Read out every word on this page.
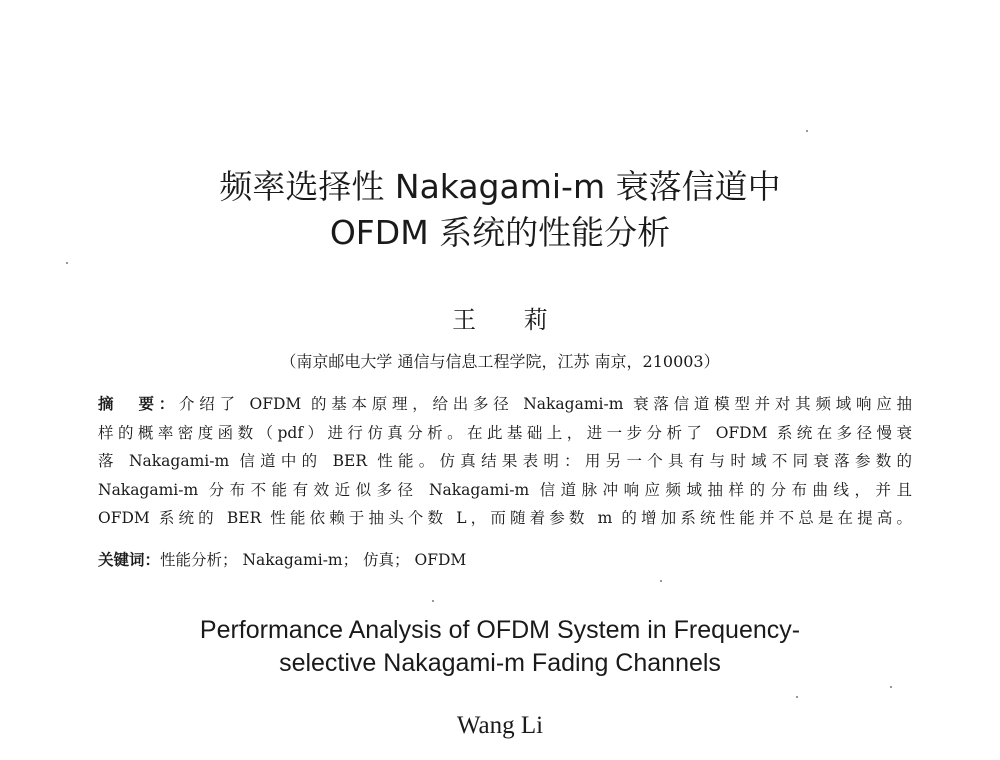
频率选择性 Nakagami-m 衰落信道中
OFDM 系统的性能分析
王 莉
（南京邮电大学 通信与信息工程学院，江苏 南京，210003）
摘　要：介绍了 OFDM 的基本原理，给出多径 Nakagami-m 衰落信道模型并对其频域响应抽
样的概率密度函数（pdf）进行仿真分析。在此基础上，进一步分析了 OFDM 系统在多径慢衰
落 Nakagami-m 信道中的 BER 性能。仿真结果表明：用另一个具有与时域不同衰落参数的
Nakagami-m 分布不能有效近似多径 Nakagami-m 信道脉冲响应频域抽样的分布曲线，并且
OFDM 系统的 BER 性能依赖于抽头个数 L，而随着参数 m 的增加系统性能并不总是在提高。
关键词：性能分析； Nakagami-m； 仿真； OFDM
Performance Analysis of OFDM System in Frequency-
selective Nakagami-m Fading Channels
Wang Li
